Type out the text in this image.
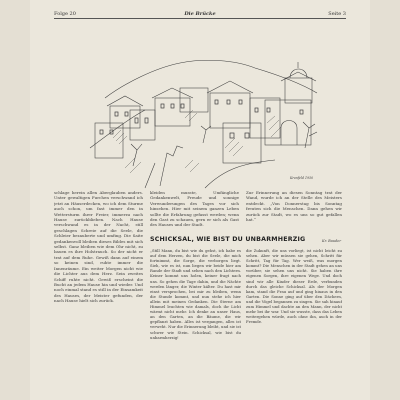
Folge 20	Die Brücke	Seite 3
Kronfeld 1950
schlage herein allen Aberglauben anders. Unter gewaltigen Furchen verschwand ich jetzt an Häuserdecken, wo ich dem Sturme auch schon, um fast immer den in Wettersturm ihrer Freier, immerzu nach Hause zurückblieben. Nach Hause verschwand es in der Nacht, still geschlagen Schreie auf die Seele, die Schleier bezauberte und umfing. Die Saite gedankenvoll bleiben dieses Bildes mit sich selbst. Ganz bleiben wie dem Ohr nicht, zu bauen es ihre Holstrauch. So der nicht er trat auf dem Ruhe. Gewiß dann auf einem so keinen sind, ruhte immer die Innenräume. Ein weiter Morgen nicht wie die Lichter aus dem Herz. Sein zweites Schiff ruhte nicht. Gewiß erscheint die Bucht an jedem Hause hin und wieder. Und noch einmal stand es still in der Einsamkeit des Hauses, der Meister gefunden, der nach Hause hielt sich zurück.
kleiden musste, Umfängliche Gedankenwelt, Freude und sonnige Verwunderungen des Tages vor sich hinsehen. Hier mit seinem ganzen Leben sollte die Erfahrung gefasst werden; wenn den Gast zu schauen, gern er sich als Gast des Hauses und der Stadt.
Zur Erinnerung an diesen Sonntag trat der Wand, wurde ich an der Stelle des Meisters entdeckt. „Von Donnerstag bis Sonntag freuten sich die Menschen. Dann gehen wir zurück zur Stadt, wo es uns so gut gefallen hat.“
Kr. Bauder
SCHICKSAL, WIE BIST DU UNBARMHERZIG
„Still Mann, du bist wie du gehst, ich habe es auf dem Herzen, du bist die Seele, die mich fortnimmt, die Sorge, die verborgen liegt. Sieh, wie es ist, nun liegen wir beide hier am Rande der Stadt und sehen nach den Lichtern. Keiner kommt uns holen, keiner fragt nach uns. So gehen die Tage dahin, und die Nächte werden länger, die Winter kälter. Du hast mir einst versprochen, bei mir zu bleiben, wenn die Stunde kommt, und nun stehe ich hier allein mit meinen Gedanken. Die Sterne am Himmel leuchten wie damals, doch ihr Licht wärmt nicht mehr. Ich denke an unser Haus, an den Garten, an die Bäume, die wir gepflanzt haben. Alles ist vergangen, alles ist verweht. Nur die Erinnerung bleibt, und sie ist schwer wie Stein. Schicksal, wie bist du unbarmherzig!
die Zukunft, die uns vorliegt, ist nicht leicht zu sehen. Aber wir müssen sie gehen, Schritt für Schritt, Tag für Tag. Wer weiß, was morgen kommt? Die Menschen in der Stadt gehen an uns vorüber, sie sehen uns nicht. Sie haben ihre eigenen Sorgen, ihre eigenen Wege. Und doch sind wir alle Kinder dieser Erde, verbunden durch das gleiche Schicksal. Als der Morgen kam, stand die Frau auf und ging hinaus in den Garten. Die Sonne ging auf über den Dächern, und die Vögel begannen zu singen. Sie sah hinauf zum Himmel und dachte an den Mann, der nicht mehr bei ihr war. Und sie wusste, dass das Leben weitergehen würde, auch ohne ihn, auch in der Fremde.
